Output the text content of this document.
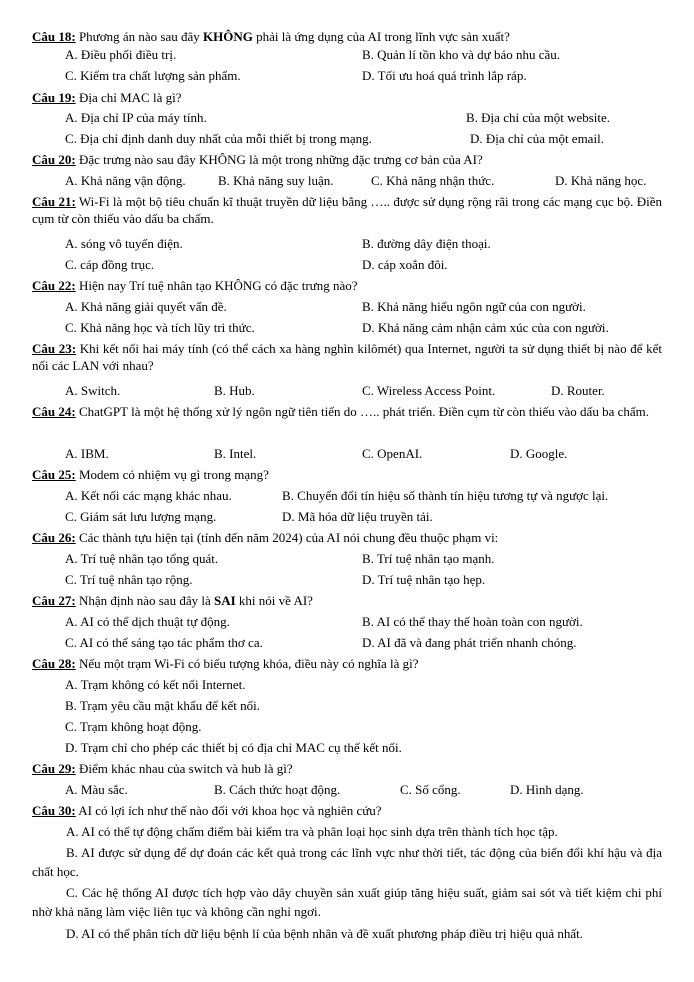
Câu 18: Phương án nào sau đây KHÔNG phải là ứng dụng của AI trong lĩnh vực sản xuất?
A. Điều phối điều trị.	B. Quản lí tồn kho và dự báo nhu cầu.
C. Kiểm tra chất lượng sản phẩm.	D. Tối ưu hoá quá trình lắp ráp.
Câu 19: Địa chỉ MAC là gì?
A. Địa chỉ IP của máy tính.	B. Địa chỉ của một website.
C. Địa chỉ định danh duy nhất của mỗi thiết bị trong mạng.	D. Địa chỉ của một email.
Câu 20: Đặc trưng nào sau đây KHÔNG là một trong những đặc trưng cơ bản của AI?
A. Khả năng vận động. B. Khả năng suy luận.	C. Khả năng nhận thức.	D. Khả năng học.
Câu 21: Wi-Fi là một bộ tiêu chuẩn kĩ thuật truyền dữ liệu bằng ….. được sử dụng rộng rãi trong các mạng cục bộ. Điền cụm từ còn thiếu vào dấu ba chấm.
A. sóng vô tuyến điện.	B. đường dây điện thoại.
C. cáp đồng trục.	D. cáp xoắn đôi.
Câu 22: Hiện nay Trí tuệ nhân tạo KHÔNG có đặc trưng nào?
A. Khả năng giải quyết vấn đề.	B. Khả năng hiểu ngôn ngữ của con người.
C. Khả năng học và tích lũy tri thức.	D. Khả năng cảm nhận cảm xúc của con người.
Câu 23: Khi kết nối hai máy tính (có thể cách xa hàng nghìn kilômét) qua Internet, người ta sử dụng thiết bị nào để kết nối các LAN với nhau?
A. Switch.	B. Hub.	C. Wireless Access Point.	D. Router.
Câu 24: ChatGPT là một hệ thống xử lý ngôn ngữ tiên tiến do ….. phát triển. Điền cụm từ còn thiếu vào dấu ba chấm.
A. IBM.	B. Intel.	C. OpenAI.	D. Google.
Câu 25: Modem có nhiệm vụ gì trong mạng?
A. Kết nối các mạng khác nhau.	B. Chuyển đổi tín hiệu số thành tín hiệu tương tự và ngược lại.
C. Giám sát lưu lượng mạng.	D. Mã hóa dữ liệu truyền tải.
Câu 26: Các thành tựu hiện tại (tính đến năm 2024) của AI nói chung đều thuộc phạm vi:
A. Trí tuệ nhân tạo tổng quát.	B. Trí tuệ nhân tạo mạnh.
C. Trí tuệ nhân tạo rộng.	D. Trí tuệ nhân tạo hẹp.
Câu 27: Nhận định nào sau đây là SAI khi nói về AI?
A. AI có thể dịch thuật tự động.	B. AI có thể thay thế hoàn toàn con người.
C. AI có thể sáng tạo tác phẩm thơ ca.	D. AI đã và đang phát triển nhanh chóng.
Câu 28: Nếu một trạm Wi-Fi có biểu tượng khóa, điều này có nghĩa là gì?
A. Trạm không có kết nối Internet.
B. Trạm yêu cầu mật khẩu để kết nối.
C. Trạm không hoạt động.
D. Trạm chỉ cho phép các thiết bị có địa chỉ MAC cụ thể kết nối.
Câu 29: Điểm khác nhau của switch và hub là gì?
A. Màu sắc.	B. Cách thức hoạt động.	C. Số cổng.	D. Hình dạng.
Câu 30: AI có lợi ích như thế nào đối với khoa học và nghiên cứu?
A. AI có thể tự động chấm điểm bài kiểm tra và phân loại học sinh dựa trên thành tích học tập.
B. AI được sử dụng để dự đoán các kết quả trong các lĩnh vực như thời tiết, tác động của biến đổi khí hậu và địa chất học.
C. Các hệ thống AI được tích hợp vào dây chuyền sản xuất giúp tăng hiệu suất, giảm sai sót và tiết kiệm chi phí nhờ khả năng làm việc liên tục và không cần nghỉ ngơi.
D. AI có thể phân tích dữ liệu bệnh lí của bệnh nhân và đề xuất phương pháp điều trị hiệu quả nhất.
